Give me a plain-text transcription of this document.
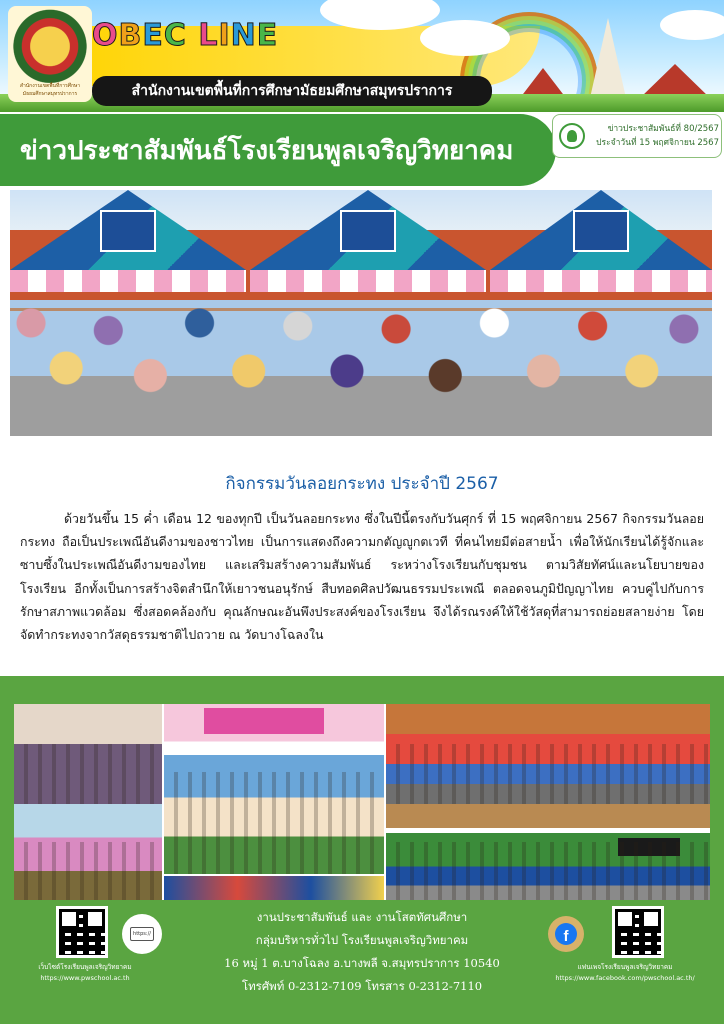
สำนักงานเขตพื้นที่การศึกษามัธยมศึกษาสมุทรปราการ
OBEC LINE
สำนักงานเขตพื้นที่การศึกษามัธยมศึกษาสมุทรปราการ
ข่าวประชาสัมพันธ์โรงเรียนพูลเจริญวิทยาคม
ข่าวประชาสัมพันธ์ที่ 80/2567
ประจำวันที่ 15 พฤศจิกายน 2567
กิจกรรมวันลอยกระทง ประจำปี 2567

ด้วยวันขึ้น 15 ค่ำ เดือน 12 ของทุกปี เป็นวันลอยกระทง ซึ่งในปีนี้ตรงกับวันศุกร์ ที่ 15 พฤศจิกายน 2567 กิจกรรมวันลอยกระทง ถือเป็นประเพณีอันดีงามของชาวไทย เป็นการแสดงถึงความกตัญญูกตเวที ที่คนไทยมีต่อสายน้ำ เพื่อให้นักเรียนได้รู้จักและซาบซึ้งในประเพณีอันดีงามของไทย และเสริมสร้างความสัมพันธ์ ระหว่างโรงเรียนกับชุมชน ตามวิสัยทัศน์และนโยบายของโรงเรียน อีกทั้งเป็นการสร้างจิตสำนึกให้เยาวชนอนุรักษ์ สืบทอดศิลปวัฒนธรรมประเพณี ตลอดจนภูมิปัญญาไทย ควบคู่ไปกับการรักษาสภาพแวดล้อม ซึ่งสอดคล้องกับ คุณลักษณะอันพึงประสงค์ของโรงเรียน จึงได้รณรงค์ให้ใช้วัสดุที่สามารถย่อยสลายง่าย โดยจัดทำกระทงจากวัสดุธรรมชาติไปถวาย ณ วัดบางโฉลงใน

https://
เว็บไซต์โรงเรียนพูลเจริญวิทยาคม
https://www.pwschool.ac.th
งานประชาสัมพันธ์ และ งานโสตทัศนศึกษา
กลุ่มบริหารทั่วไป โรงเรียนพูลเจริญวิทยาคม
16 หมู่ 1 ต.บางโฉลง อ.บางพลี จ.สมุทรปราการ 10540
โทรศัพท์ 0-2312-7109 โทรสาร 0-2312-7110
f
แฟนเพจโรงเรียนพูลเจริญวิทยาคม
https://www.facebook.com/pwschool.ac.th/
